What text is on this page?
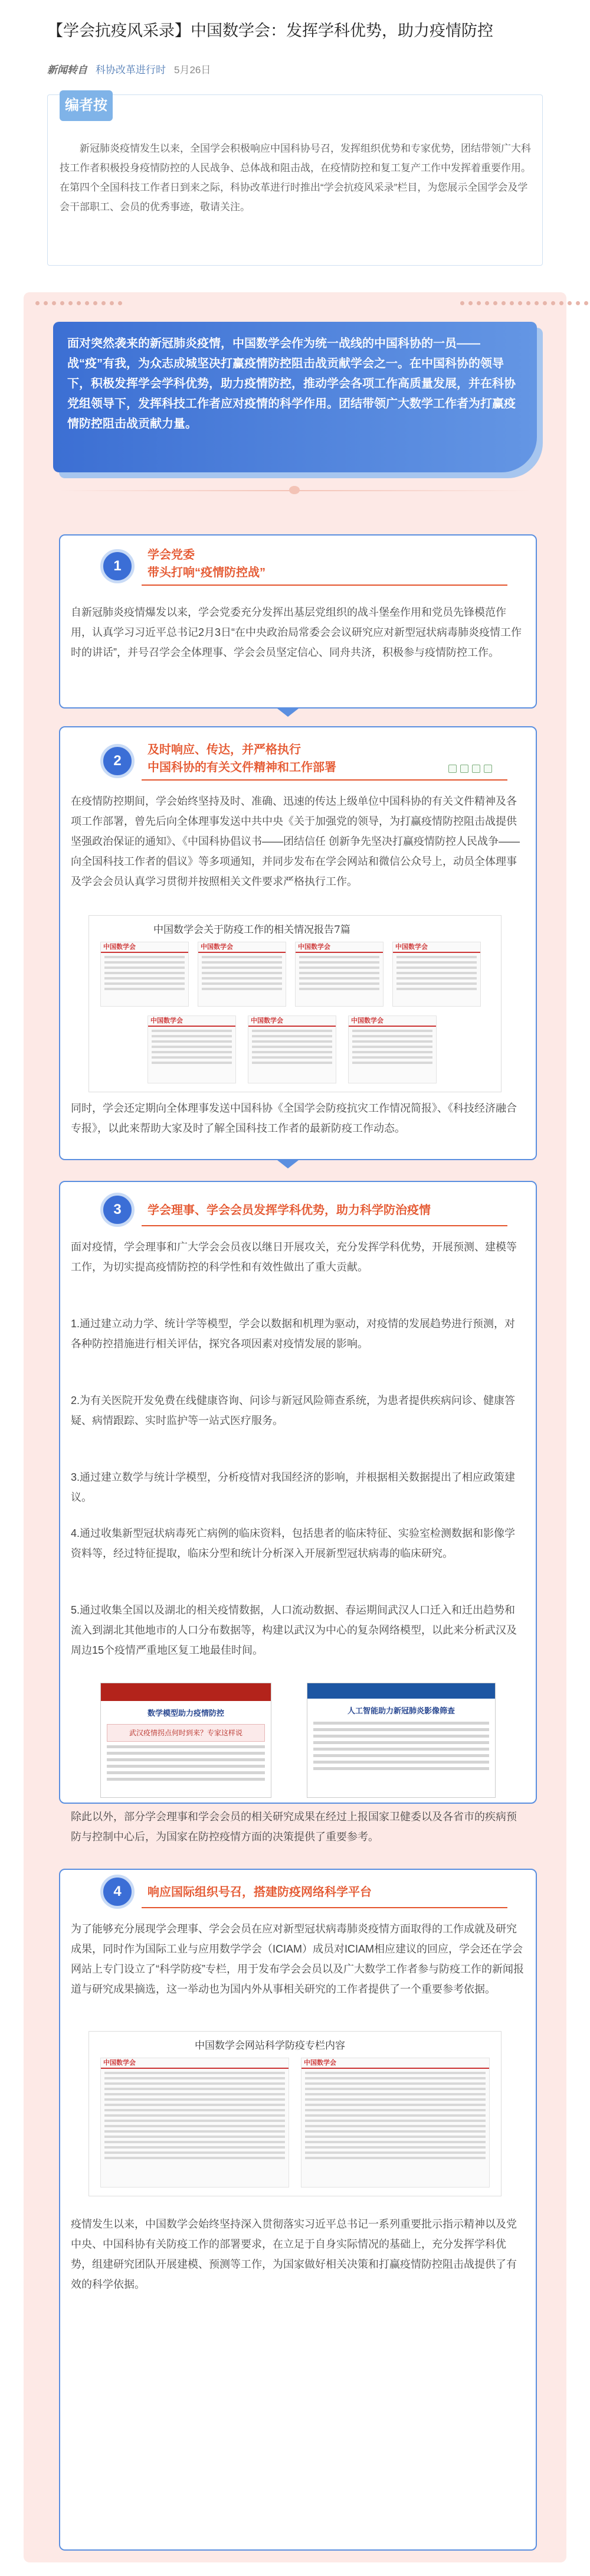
【学会抗疫风采录】中国数学会：发挥学科优势，助力疫情防控
新闻转自 科协改革进行时 5月26日
编者按
新冠肺炎疫情发生以来，全国学会积极响应中国科协号召，发挥组织优势和专家优势，团结带领广大科技工作者积极投身疫情防控的人民战争、总体战和阻击战，在疫情防控和复工复产工作中发挥着重要作用。在第四个全国科技工作者日到来之际，科协改革进行时推出“学会抗疫风采录”栏目，为您展示全国学会及学会干部职工、会员的优秀事迹，敬请关注。
面对突然袭来的新冠肺炎疫情，中国数学会作为统一战线的中国科协的一员——战“疫”有我，为众志成城坚决打赢疫情防控阻击战贡献学会之一。在中国科协的领导下，积极发挥学会学科优势，助力疫情防控，推动学会各项工作高质量发展，并在科协党组领导下，发挥科技工作者应对疫情的科学作用。团结带领广大数学工作者为打赢疫情防控阻击战贡献力量。
1
学会党委
带头打响“疫情防控战”
自新冠肺炎疫情爆发以来，学会党委充分发挥出基层党组织的战斗堡垒作用和党员先锋模范作用，认真学习习近平总书记2月3日“在中央政治局常委会会议研究应对新型冠状病毒肺炎疫情工作时的讲话”，并号召学会全体理事、学会会员坚定信心、同舟共济，积极参与疫情防控工作。
2
及时响应、传达，并严格执行
中国科协的有关文件精神和工作部署
在疫情防控期间，学会始终坚持及时、准确、迅速的传达上级单位中国科协的有关文件精神及各项工作部署，曾先后向全体理事发送中共中央《关于加强党的领导，为打赢疫情防控阻击战提供坚强政治保证的通知》、《中国科协倡议书——团结信任 创新争先坚决打赢疫情防控人民战争——向全国科技工作者的倡议》等多项通知，并同步发布在学会网站和微信公众号上，动员全体理事及学会会员认真学习贯彻并按照相关文件要求严格执行工作。
中国数学会关于防疫工作的相关情况报告7篇
中国数学会	中国数学会	中国数学会	中国数学会
中国数学会	中国数学会	中国数学会
同时，学会还定期向全体理事发送中国科协《全国学会防疫抗灾工作情况简报》、《科技经济融合专报》，以此来帮助大家及时了解全国科技工作者的最新防疫工作动态。
3	学会理事、学会会员发挥学科优势，助力科学防治疫情
面对疫情，学会理事和广大学会会员夜以继日开展攻关，充分发挥学科优势，开展预测、建模等工作，为切实提高疫情防控的科学性和有效性做出了重大贡献。
1.通过建立动力学、统计学等模型，学会以数据和机理为驱动，对疫情的发展趋势进行预测，对各种防控措施进行相关评估，探究各项因素对疫情发展的影响。
2.为有关医院开发免费在线健康咨询、问诊与新冠风险筛查系统，为患者提供疾病问诊、健康答疑、病情跟踪、实时监护等一站式医疗服务。
3.通过建立数学与统计学模型，分析疫情对我国经济的影响，并根据相关数据提出了相应政策建议。
4.通过收集新型冠状病毒死亡病例的临床资料，包括患者的临床特征、实验室检测数据和影像学资料等，经过特征提取，临床分型和统计分析深入开展新型冠状病毒的临床研究。
5.通过收集全国以及湖北的相关疫情数据，人口流动数据、春运期间武汉人口迁入和迁出趋势和流入到湖北其他地市的人口分布数据等，构建以武汉为中心的复杂网络模型，以此来分析武汉及周边15个疫情严重地区复工地最佳时间。
数学模型助力疫情防控
武汉疫情拐点何时到来？专家这样说
人工智能助力新冠肺炎影像筛查
除此以外，部分学会理事和学会会员的相关研究成果在经过上报国家卫健委以及各省市的疾病预防与控制中心后，为国家在防控疫情方面的决策提供了重要参考。
4	响应国际组织号召，搭建防疫网络科学平台
为了能够充分展现学会理事、学会会员在应对新型冠状病毒肺炎疫情方面取得的工作成就及研究成果，同时作为国际工业与应用数学学会（ICIAM）成员对ICIAM相应建议的回应，学会还在学会网站上专门设立了“科学防疫”专栏，用于发布学会会员以及广大数学工作者参与防疫工作的新闻报道与研究成果摘选，这一举动也为国内外从事相关研究的工作者提供了一个重要参考依据。
中国数学会网站科学防疫专栏内容
中国数学会	中国数学会
疫情发生以来，中国数学会始终坚持深入贯彻落实习近平总书记一系列重要批示指示精神以及党中央、中国科协有关防疫工作的部署要求，在立足于自身实际情况的基础上，充分发挥学科优势，组建研究团队开展建模、预测等工作，为国家做好相关决策和打赢疫情防控阻击战提供了有效的科学依据。
